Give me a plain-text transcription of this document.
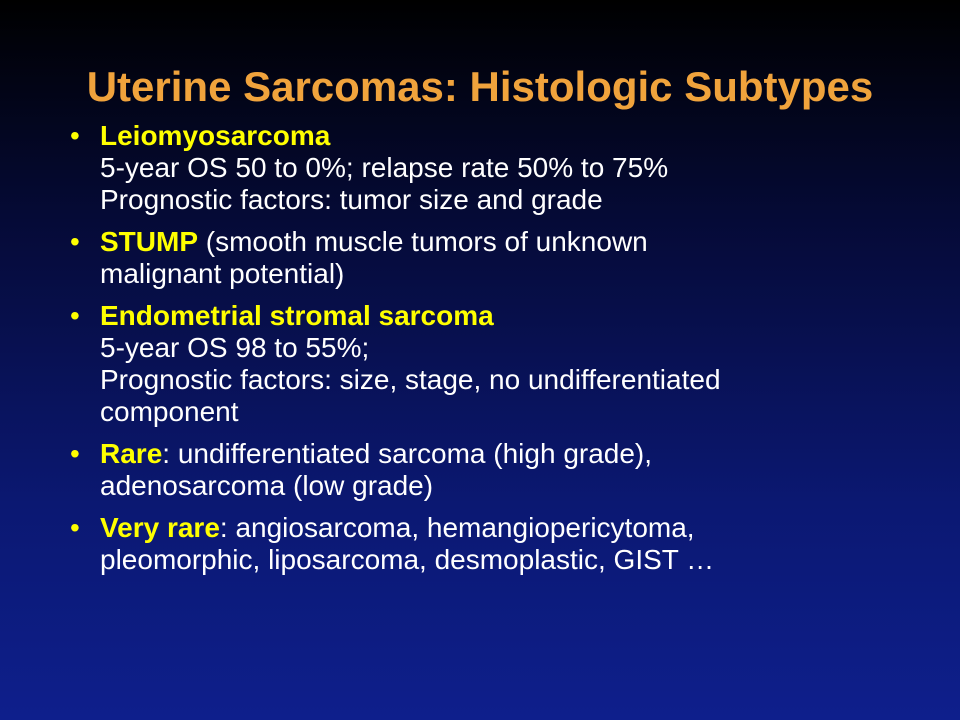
Uterine Sarcomas: Histologic Subtypes
• Leiomyosarcoma
5-year OS 50 to 0%; relapse rate 50% to 75%
Prognostic factors: tumor size and grade
• STUMP (smooth muscle tumors of unknown
malignant potential)
• Endometrial stromal sarcoma
5-year OS 98 to 55%;
Prognostic factors: size, stage, no undifferentiated
component
• Rare: undifferentiated sarcoma (high grade),
adenosarcoma (low grade)
• Very rare: angiosarcoma, hemangiopericytoma,
pleomorphic, liposarcoma, desmoplastic, GIST …
